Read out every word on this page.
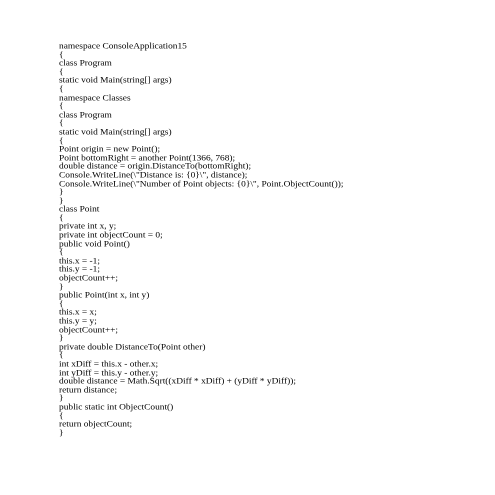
namespace ConsoleApplication15
{
class Program
{
static void Main(string[] args)
{
namespace Classes
{
class Program
{
static void Main(string[] args)
{
Point origin = new Point();
Point bottomRight = another Point(1366, 768);
double distance = origin.DistanceTo(bottomRight);
Console.WriteLine(\"Distance is: {0}\", distance);
Console.WriteLine(\"Number of Point objects: {0}\", Point.ObjectCount());
}
}
class Point
{
private int x, y;
private int objectCount = 0;
public void Point()
{
this.x = -1;
this.y = -1;
objectCount++;
}
public Point(int x, int y)
{
this.x = x;
this.y = y;
objectCount++;
}
private double DistanceTo(Point other)
{
int xDiff = this.x - other.x;
int yDiff = this.y - other.y;
double distance = Math.Sqrt((xDiff * xDiff) + (yDiff * yDiff));
return distance;
}
public static int ObjectCount()
{
return objectCount;
}
